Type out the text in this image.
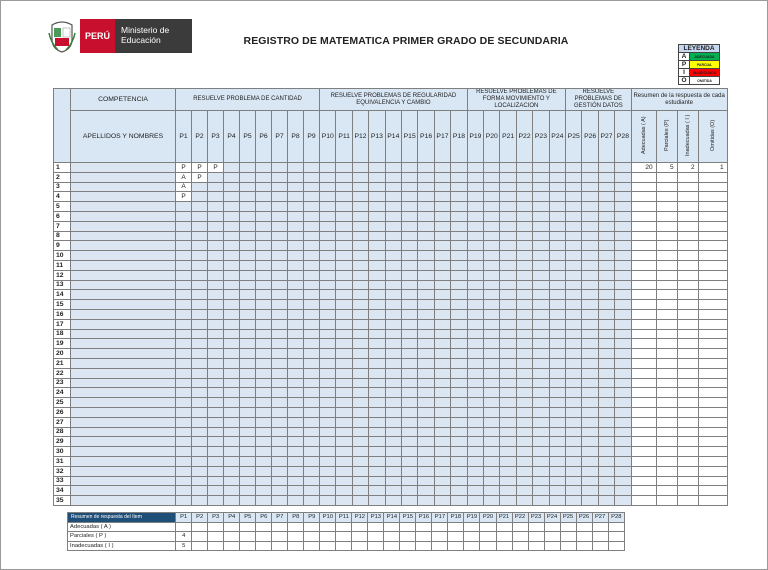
PERÚ
Ministerio de Educación	REGISTRO DE MATEMATICA PRIMER GRADO DE SECUNDARIA
LEYENDA	
A	ADECUADA
P	PARCIAL
I	INADECUADA
O	OMITIDA
	COMPETENCIA	RESUELVE PROBLEMA DE CANTIDAD									RESUELVE PROBLEMAS DE REGULARIDAD EQUIVALENCIA Y CAMBIO									RESUELVE PROBLEMAS DE FORMA MOVIMIENTO Y LOCALIZACION						RESUELVE PROBLEMAS DE GESTIÓN DATOS				Resumen de la respuesta de cada estudiante			
	APELLIDOS Y NOMBRES	P1	P2	P3	P4	P5	P6	P7	P8	P9	P10	P11	P12	P13	P14	P15	P16	P17	P18	P19	P20	P21	P22	P23	P24	P25	P26	P27	P28	Adecuadas ( A)	Parciales (P)	Inadecuadas ( I )	Omitidas (O)
1		P	P	P																										20	5	2	1
2		A	P																														
3		A																															
4		P																															
5																																	
6																																	
7																																	
8																																	
9																																	
10																																	
11																																	
12																																	
13																																	
14																																	
15																																	
16																																	
17																																	
18																																	
19																																	
20																																	
21																																	
22																																	
23																																	
24																																	
25																																	
26																																	
27																																	
28																																	
29																																	
30																																	
31																																	
32																																	
33																																	
34																																	
35																																	
Resumen de respuesta del ítem	P1	P2	P3	P4	P5	P6	P7	P8	P9	P10	P11	P12	P13	P14	P15	P16	P17	P18	P19	P20	P21	P22	P23	P24	P25	P26	P27	P28
Adecuadas ( A )																												
Parciales ( P )	4																											
Inadecuadas ( I )	5																											
